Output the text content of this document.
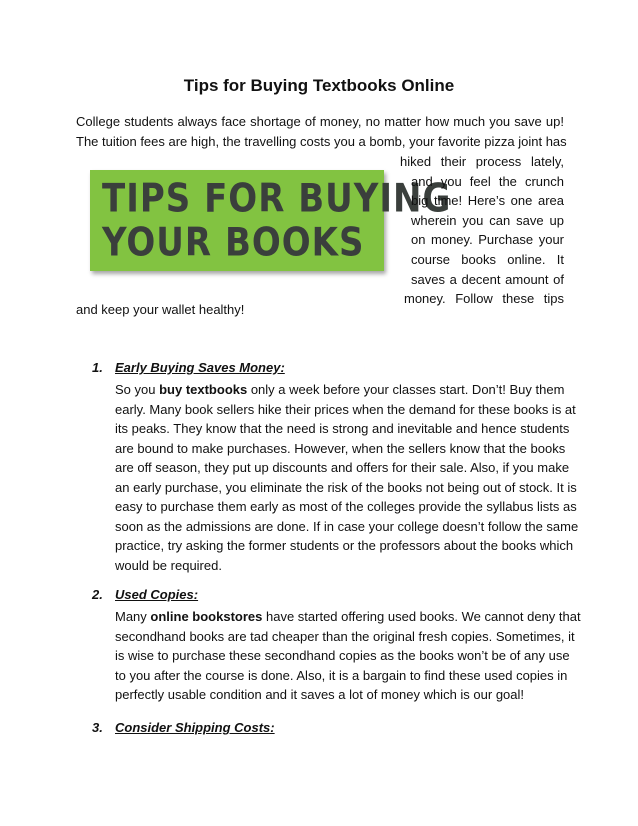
Tips for Buying Textbooks Online

College students always face shortage of money, no matter how much you save up!
The tuition fees are high, the travelling costs you a bomb, your favorite pizza joint has

TIPS FOR BUYING
YOUR BOOKS

hiked their process lately,
and you feel the crunch
big time! Here’s one area
wherein you can save up
on money. Purchase your
course books online. It
saves a decent amount of
money. Follow these tips

and keep your wallet healthy!

1. Early Buying Saves Money:

So you buy textbooks only a week before your classes start. Don’t! Buy them
early. Many book sellers hike their prices when the demand for these books is at
its peaks. They know that the need is strong and inevitable and hence students
are bound to make purchases. However, when the sellers know that the books
are off season, they put up discounts and offers for their sale. Also, if you make
an early purchase, you eliminate the risk of the books not being out of stock. It is
easy to purchase them early as most of the colleges provide the syllabus lists as
soon as the admissions are done. If in case your college doesn’t follow the same
practice, try asking the former students or the professors about the books which
would be required.

2. Used Copies:

Many online bookstores have started offering used books. We cannot deny that
secondhand books are tad cheaper than the original fresh copies. Sometimes, it
is wise to purchase these secondhand copies as the books won’t be of any use
to you after the course is done. Also, it is a bargain to find these used copies in
perfectly usable condition and it saves a lot of money which is our goal!

3. Consider Shipping Costs:
